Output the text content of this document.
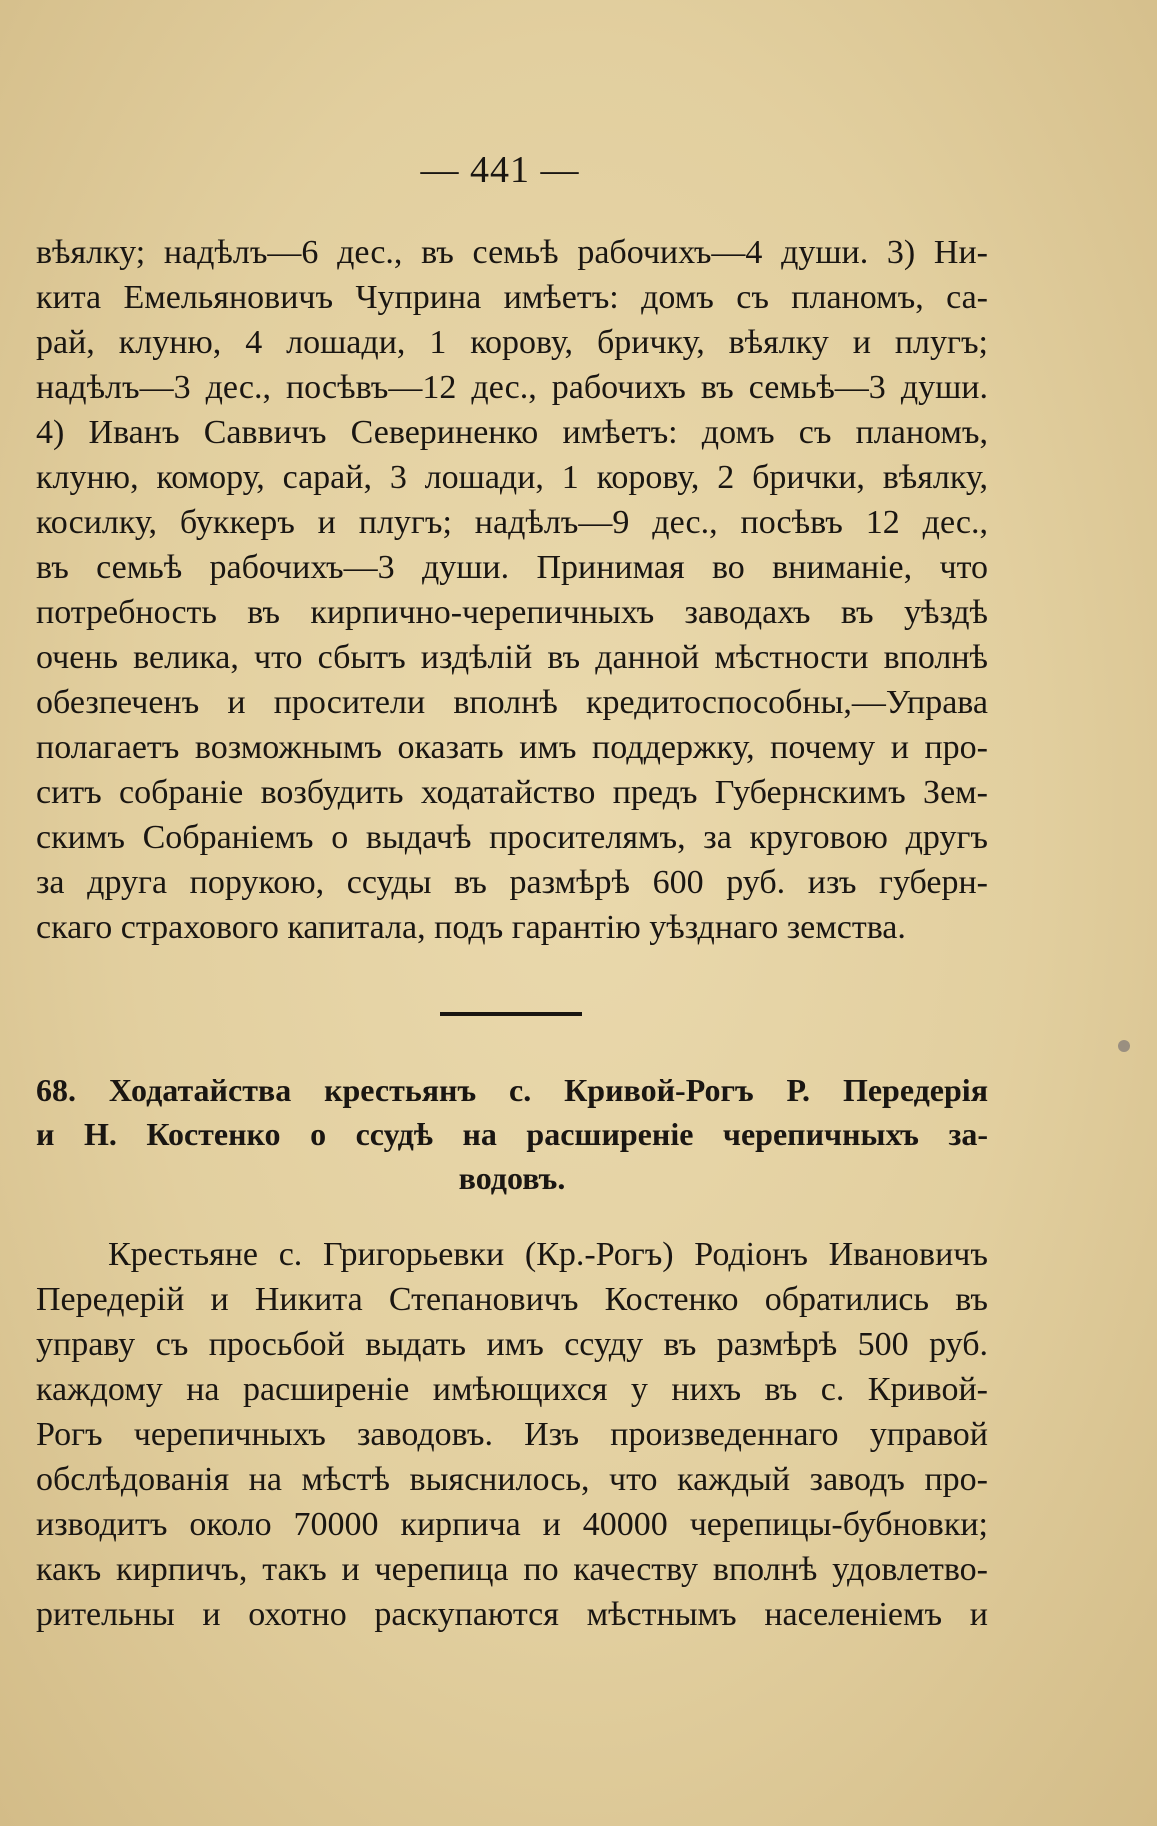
— 441 —
вѣялку; надѣлъ—6 дес., въ семьѣ рабочихъ—4 души. 3) Ни-
кита Емельяновичъ Чуприна имѣетъ: домъ съ планомъ, са-
рай, клуню, 4 лошади, 1 корову, бричку, вѣялку и плугъ;
надѣлъ—3 дес., посѣвъ—12 дес., рабочихъ въ семьѣ—3 души.
4) Иванъ Саввичъ Севериненко имѣетъ: домъ съ планомъ,
клуню, комору, сарай, 3 лошади, 1 корову, 2 брички, вѣялку,
косилку, буккеръ и плугъ; надѣлъ—9 дес., посѣвъ 12 дес.,
въ семьѣ рабочихъ—3 души. Принимая во вниманіе, что
потребность въ кирпично-черепичныхъ заводахъ въ уѣздѣ
очень велика, что сбытъ издѣлій въ данной мѣстности вполнѣ
обезпеченъ и просители вполнѣ кредитоспособны,—Управа
полагаетъ возможнымъ оказать имъ поддержку, почему и про-
ситъ собраніе возбудить ходатайство предъ Губернскимъ Зем-
скимъ Собраніемъ о выдачѣ просителямъ, за круговою другъ
за друга порукою, ссуды въ размѣрѣ 600 руб. изъ губерн-
скаго страхового капитала, подъ гарантію уѣзднаго земства.
68. Ходатайства крестьянъ с. Кривой-Рогъ Р. Передерія
и Н. Костенко о ссудѣ на расширеніе черепичныхъ за-
водовъ.
Крестьяне с. Григорьевки (Кр.-Рогъ) Родіонъ Ивановичъ
Передерій и Никита Степановичъ Костенко обратились въ
управу съ просьбой выдать имъ ссуду въ размѣрѣ 500 руб.
каждому на расширеніе имѣющихся у нихъ въ с. Кривой-
Рогъ черепичныхъ заводовъ. Изъ произведеннаго управой
обслѣдованія на мѣстѣ выяснилось, что каждый заводъ про-
изводитъ около 70000 кирпича и 40000 черепицы-бубновки;
какъ кирпичъ, такъ и черепица по качеству вполнѣ удовлетво-
рительны и охотно раскупаются мѣстнымъ населеніемъ и
